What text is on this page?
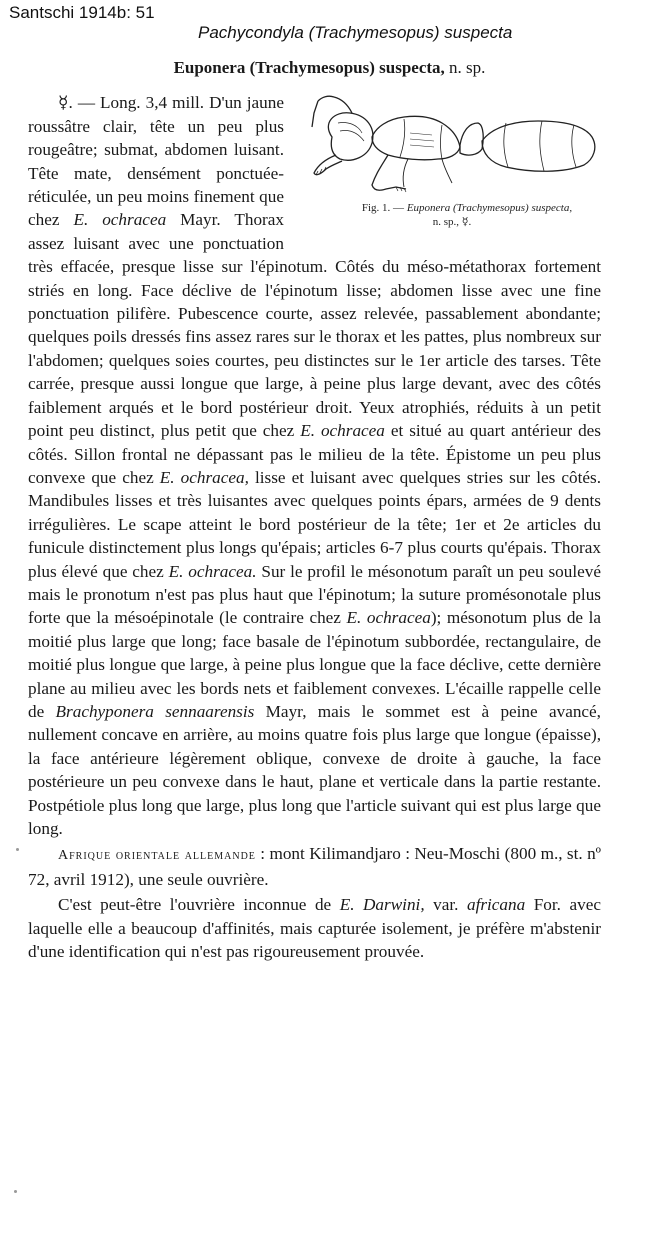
Santschi 1914b: 51
Pachycondyla (Trachymesopus) suspecta
Euponera (Trachymesopus) suspecta, n. sp.

Fig. 1. — Euponera (Trachymesopus) suspecta,
n. sp., ☿.
☿. — Long. 3,4 mill. D'un jaune roussâtre clair, tête un peu plus rougeâtre; submat, abdomen luisant. Tête mate, densément ponctuée-réticulée, un peu moins finement que chez E. ochracea Mayr. Thorax assez luisant avec une ponctuation très effacée, presque lisse sur l'épinotum. Côtés du méso-métathorax fortement striés en long. Face déclive de l'épinotum lisse; abdomen lisse avec une fine ponctuation pilifère. Pubescence courte, assez relevée, passablement abondante; quelques poils dressés fins assez rares sur le thorax et les pattes, plus nombreux sur l'abdomen; quelques soies courtes, peu distinctes sur le 1er article des tarses. Tête carrée, presque aussi longue que large, à peine plus large devant, avec des côtés faiblement arqués et le bord postérieur droit. Yeux atrophiés, réduits à un petit point peu distinct, plus petit que chez E. ochracea et situé au quart antérieur des côtés. Sillon frontal ne dépassant pas le milieu de la tête. Épistome un peu plus convexe que chez E. ochracea, lisse et luisant avec quelques stries sur les côtés. Mandibules lisses et très luisantes avec quelques points épars, armées de 9 dents irrégulières. Le scape atteint le bord postérieur de la tête; 1er et 2e articles du funicule distinctement plus longs qu'épais; articles 6-7 plus courts qu'épais. Thorax plus élevé que chez E. ochracea. Sur le profil le mésonotum paraît un peu soulevé mais le pronotum n'est pas plus haut que l'épinotum; la suture promésonotale plus forte que la mésoépinotale (le contraire chez E. ochracea); mésonotum plus de la moitié plus large que long; face basale de l'épinotum subbordée, rectangulaire, de moitié plus longue que large, à peine plus longue que la face déclive, cette dernière plane au milieu avec les bords nets et faiblement convexes. L'écaille rappelle celle de Brachyponera sennaarensis Mayr, mais le sommet est à peine avancé, nullement concave en arrière, au moins quatre fois plus large que longue (épaisse), la face antérieure légèrement oblique, convexe de droite à gauche, la face postérieure un peu convexe dans le haut, plane et verticale dans la partie restante. Postpétiole plus long que large, plus long que l'article suivant qui est plus large que long.

Afrique orientale allemande : mont Kilimandjaro : Neu-Moschi (800 m., st. nº 72, avril 1912), une seule ouvrière.

C'est peut-être l'ouvrière inconnue de E. Darwini, var. africana For. avec laquelle elle a beaucoup d'affinités, mais capturée isolement, je préfère m'abstenir d'une identification qui n'est pas rigoureusement prouvée.
